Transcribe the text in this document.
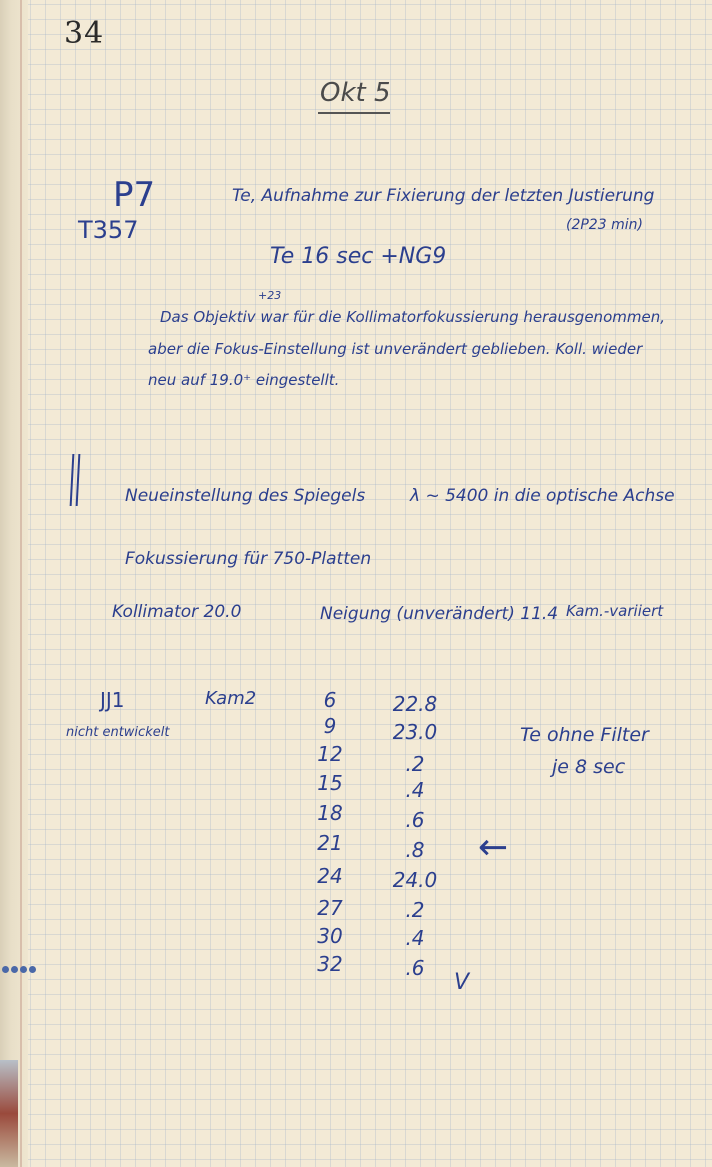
34
Okt 5
P7
T357
Te, Aufnahme zur Fixierung der letzten Justierung
(2P23 min)
Te 16 sec +NG9
+23
Das Objektiv war für die Kollimatorfokussierung herausgenommen,
aber die Fokus-Einstellung ist unverändert geblieben. Koll. wieder
neu auf 19.0⁺ eingestellt.
Neueinstellung des Spiegels	λ ~ 5400 in die optische Achse
Fokussierung für 750-Platten
Kollimator 20.0	Neigung (unverändert) 11.4 Kam.-variiert
JJ1	Kam2
nicht entwickelt
6	22.8
9	23.0
12	.2
15	.4
18	.6
21	.8
24	24.0
27	.2
30	.4
32	.6
Te ohne Filter
je 8 sec
←
V
